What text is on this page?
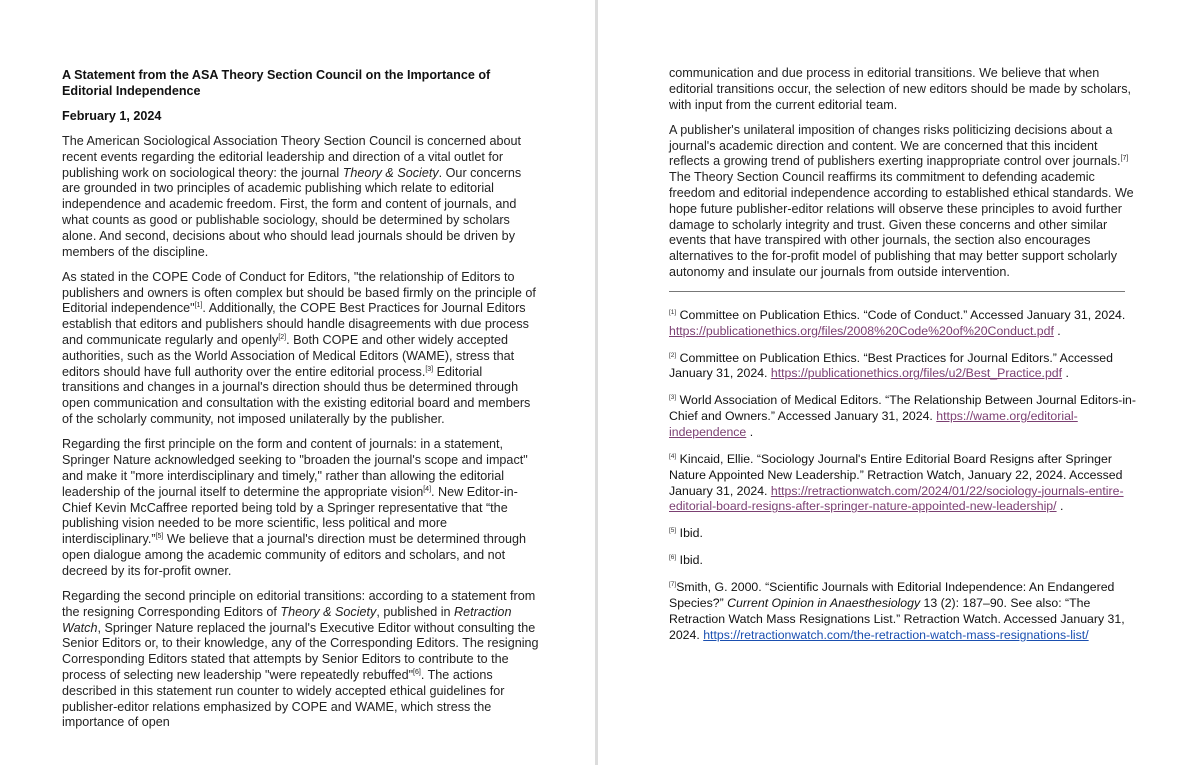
A Statement from the ASA Theory Section Council on the Importance of Editorial Independence
February 1, 2024

The American Sociological Association Theory Section Council is concerned about recent events regarding the editorial leadership and direction of a vital outlet for publishing work on sociological theory: the journal Theory & Society. Our concerns are grounded in two principles of academic publishing which relate to editorial independence and academic freedom. First, the form and content of journals, and what counts as good or publishable sociology, should be determined by scholars alone. And second, decisions about who should lead journals should be driven by members of the discipline.

As stated in the COPE Code of Conduct for Editors, "the relationship of Editors to publishers and owners is often complex but should be based firmly on the principle of Editorial independence"[1]. Additionally, the COPE Best Practices for Journal Editors establish that editors and publishers should handle disagreements with due process and communicate regularly and openly[2]. Both COPE and other widely accepted authorities, such as the World Association of Medical Editors (WAME), stress that editors should have full authority over the entire editorial process.[3] Editorial transitions and changes in a journal's direction should thus be determined through open communication and consultation with the existing editorial board and members of the scholarly community, not imposed unilaterally by the publisher.

Regarding the first principle on the form and content of journals: in a statement, Springer Nature acknowledged seeking to "broaden the journal's scope and impact" and make it "more interdisciplinary and timely," rather than allowing the editorial leadership of the journal itself to determine the appropriate vision[4]. New Editor-in-Chief Kevin McCaffree reported being told by a Springer representative that “the publishing vision needed to be more scientific, less political and more interdisciplinary.”[5] We believe that a journal's direction must be determined through open dialogue among the academic community of editors and scholars, and not decreed by its for-profit owner.

Regarding the second principle on editorial transitions: according to a statement from the resigning Corresponding Editors of Theory & Society, published in Retraction Watch, Springer Nature replaced the journal's Executive Editor without consulting the Senior Editors or, to their knowledge, any of the Corresponding Editors. The resigning Corresponding Editors stated that attempts by Senior Editors to contribute to the process of selecting new leadership "were repeatedly rebuffed"[6]. The actions described in this statement run counter to widely accepted ethical guidelines for publisher-editor relations emphasized by COPE and WAME, which stress the importance of open

communication and due process in editorial transitions. We believe that when editorial transitions occur, the selection of new editors should be made by scholars, with input from the current editorial team.

A publisher's unilateral imposition of changes risks politicizing decisions about a journal's academic direction and content. We are concerned that this incident reflects a growing trend of publishers exerting inappropriate control over journals.[7] The Theory Section Council reaffirms its commitment to defending academic freedom and editorial independence according to established ethical standards. We hope future publisher-editor relations will observe these principles to avoid further damage to scholarly integrity and trust. Given these concerns and other similar events that have transpired with other journals, the section also encourages alternatives to the for-profit model of publishing that may better support scholarly autonomy and insulate our journals from outside intervention.

[1] Committee on Publication Ethics. “Code of Conduct.” Accessed January 31, 2024. https://publicationethics.org/files/2008%20Code%20of%20Conduct.pdf .
[2] Committee on Publication Ethics. “Best Practices for Journal Editors.” Accessed January 31, 2024. https://publicationethics.org/files/u2/Best_Practice.pdf .
[3] World Association of Medical Editors. “The Relationship Between Journal Editors-in-Chief and Owners.” Accessed January 31, 2024. https://wame.org/editorial-independence .
[4] Kincaid, Ellie. “Sociology Journal's Entire Editorial Board Resigns after Springer Nature Appointed New Leadership.” Retraction Watch, January 22, 2024. Accessed January 31, 2024. https://retractionwatch.com/2024/01/22/sociology-journals-entire-editorial-board-resigns-after-springer-nature-appointed-new-leadership/ .
[5] Ibid.
[6] Ibid.
[7]Smith, G. 2000. “Scientific Journals with Editorial Independence: An Endangered Species?” Current Opinion in Anaesthesiology 13 (2): 187–90. See also: “The Retraction Watch Mass Resignations List.” Retraction Watch. Accessed January 31, 2024. https://retractionwatch.com/the-retraction-watch-mass-resignations-list/
